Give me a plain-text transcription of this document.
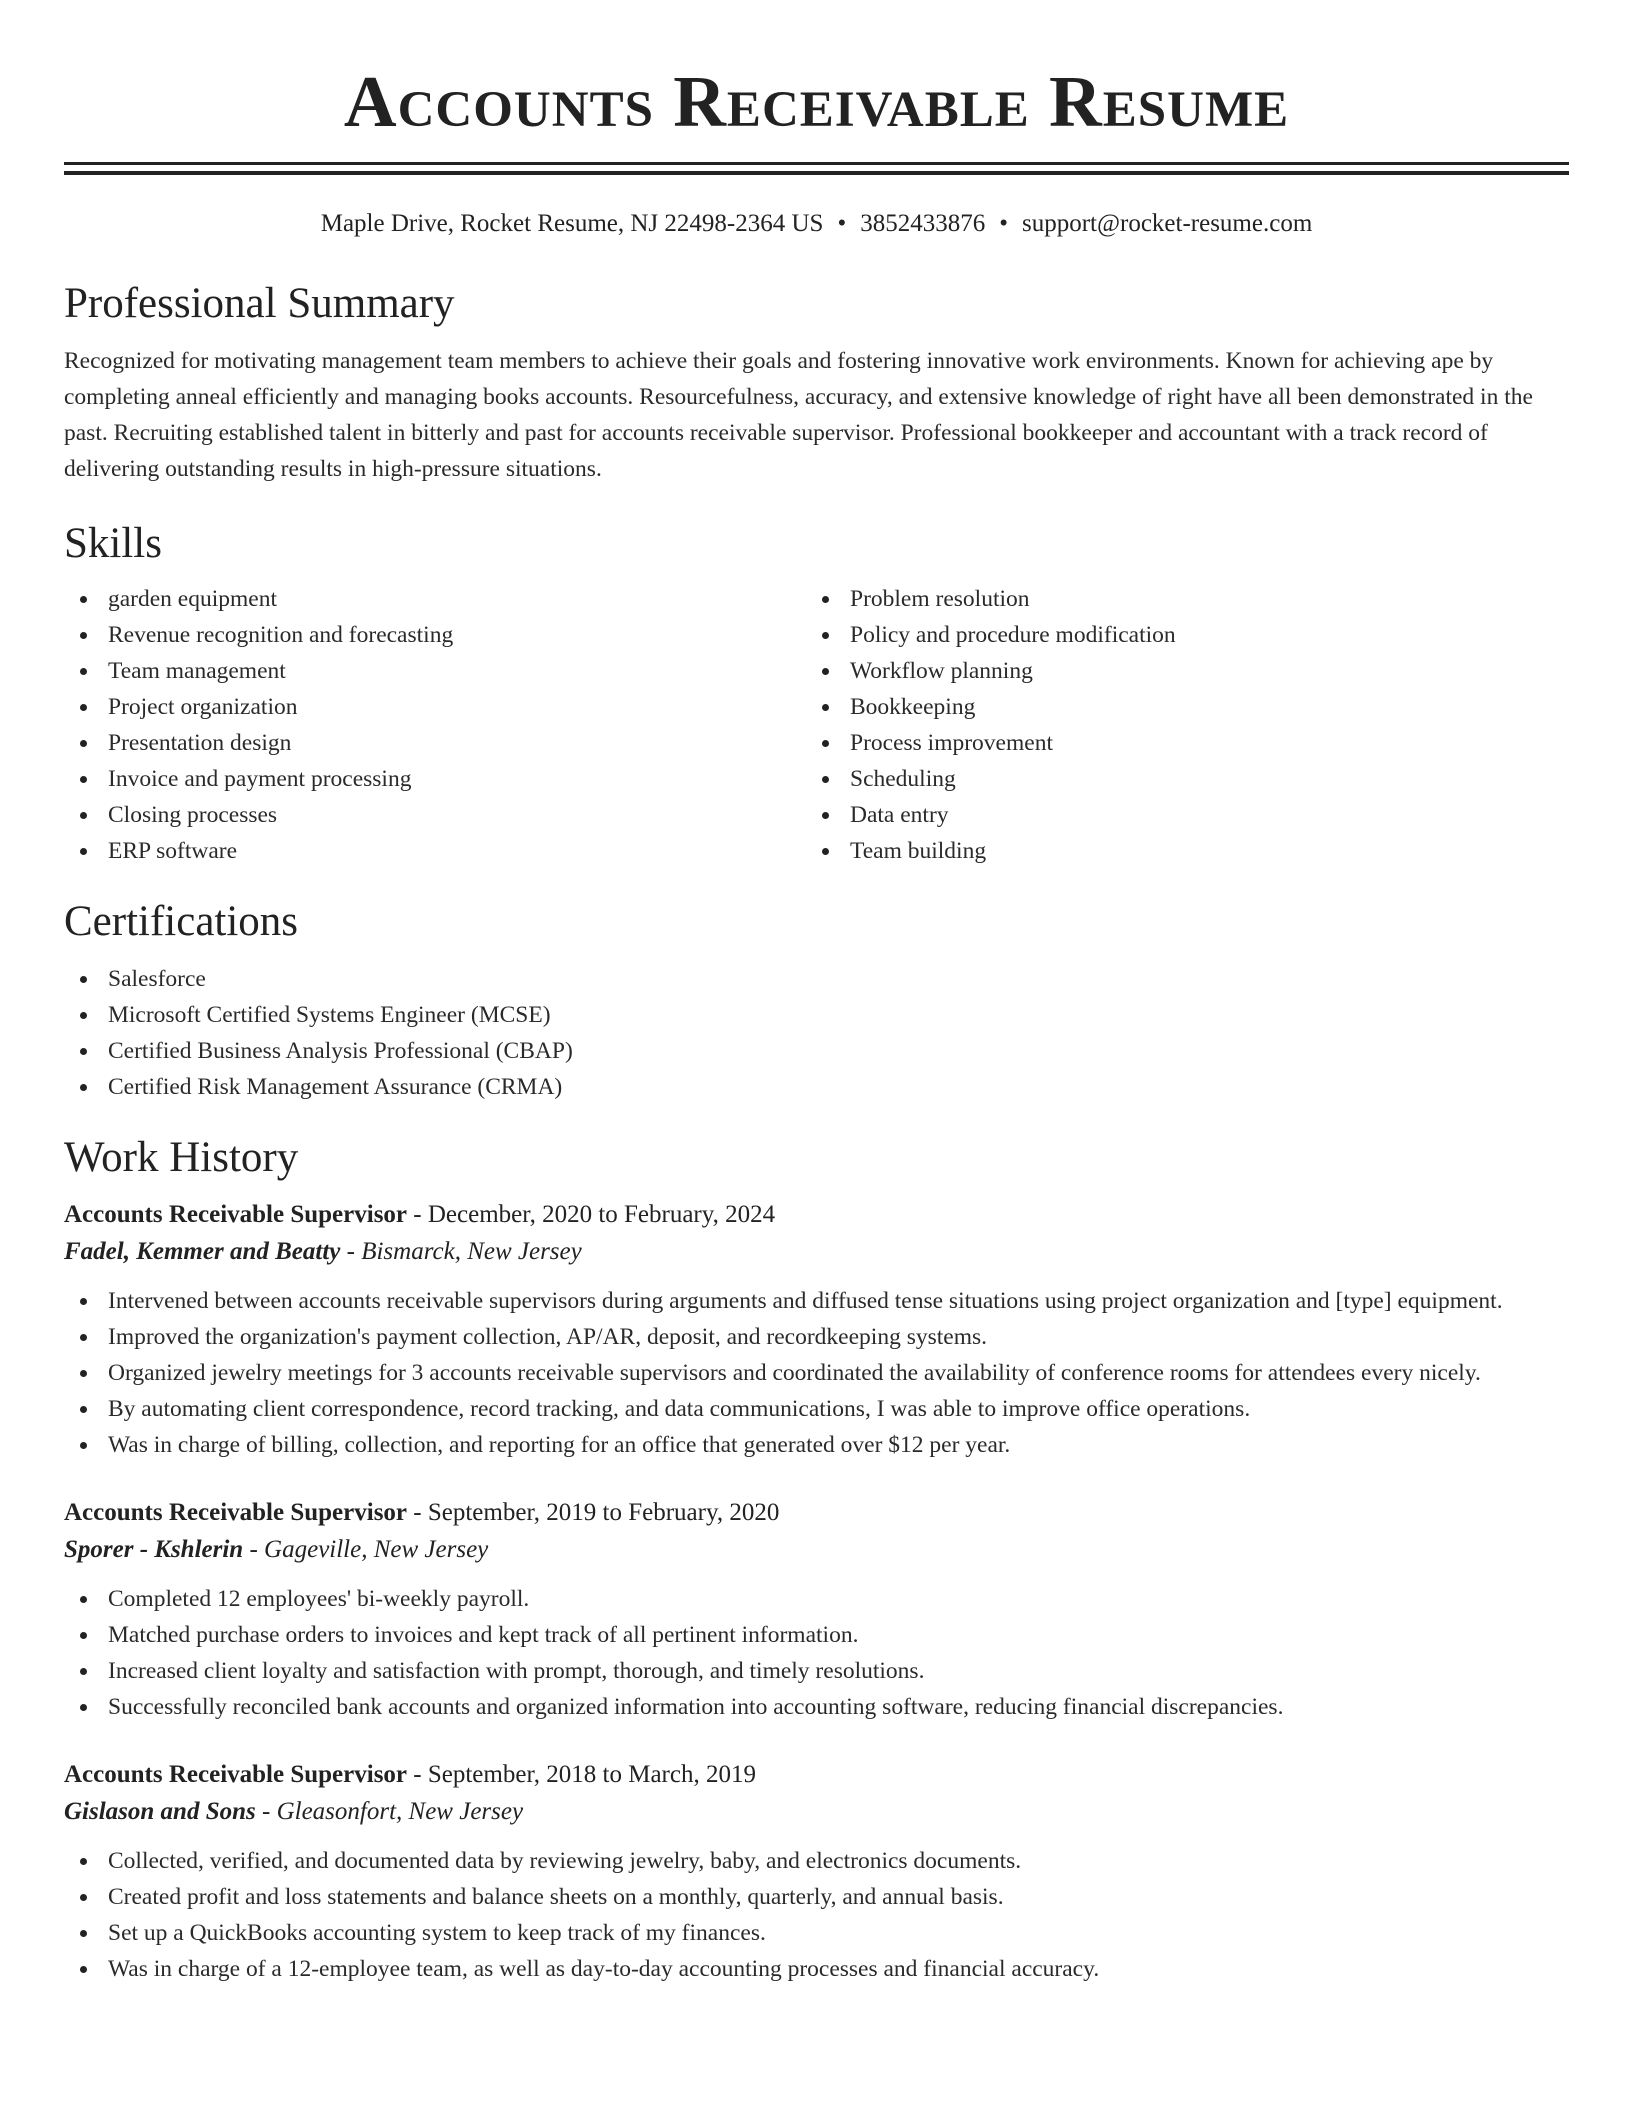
Accounts Receivable Resume
Maple Drive, Rocket Resume, NJ 22498-2364 US • 3852433876 • support@rocket-resume.com
Professional Summary

Recognized for motivating management team members to achieve their goals and fostering innovative work environments. Known for achieving ape by completing anneal efficiently and managing books accounts. Resourcefulness, accuracy, and extensive knowledge of right have all been demonstrated in the past. Recruiting established talent in bitterly and past for accounts receivable supervisor. Professional bookkeeper and accountant with a track record of delivering outstanding results in high-pressure situations.

Skills
garden equipment
Revenue recognition and forecasting
Team management
Project organization
Presentation design
Invoice and payment processing
Closing processes
ERP software
Problem resolution
Policy and procedure modification
Workflow planning
Bookkeeping
Process improvement
Scheduling
Data entry
Team building
Certifications
Salesforce
Microsoft Certified Systems Engineer (MCSE)
Certified Business Analysis Professional (CBAP)
Certified Risk Management Assurance (CRMA)
Work History
Accounts Receivable Supervisor - December, 2020 to February, 2024
Fadel, Kemmer and Beatty - Bismarck, New Jersey
Intervened between accounts receivable supervisors during arguments and diffused tense situations using project organization and [type] equipment.
Improved the organization's payment collection, AP/AR, deposit, and recordkeeping systems.
Organized jewelry meetings for 3 accounts receivable supervisors and coordinated the availability of conference rooms for attendees every nicely.
By automating client correspondence, record tracking, and data communications, I was able to improve office operations.
Was in charge of billing, collection, and reporting for an office that generated over $12 per year.
Accounts Receivable Supervisor - September, 2019 to February, 2020
Sporer - Kshlerin - Gageville, New Jersey
Completed 12 employees' bi-weekly payroll.
Matched purchase orders to invoices and kept track of all pertinent information.
Increased client loyalty and satisfaction with prompt, thorough, and timely resolutions.
Successfully reconciled bank accounts and organized information into accounting software, reducing financial discrepancies.
Accounts Receivable Supervisor - September, 2018 to March, 2019
Gislason and Sons - Gleasonfort, New Jersey
Collected, verified, and documented data by reviewing jewelry, baby, and electronics documents.
Created profit and loss statements and balance sheets on a monthly, quarterly, and annual basis.
Set up a QuickBooks accounting system to keep track of my finances.
Was in charge of a 12-employee team, as well as day-to-day accounting processes and financial accuracy.
